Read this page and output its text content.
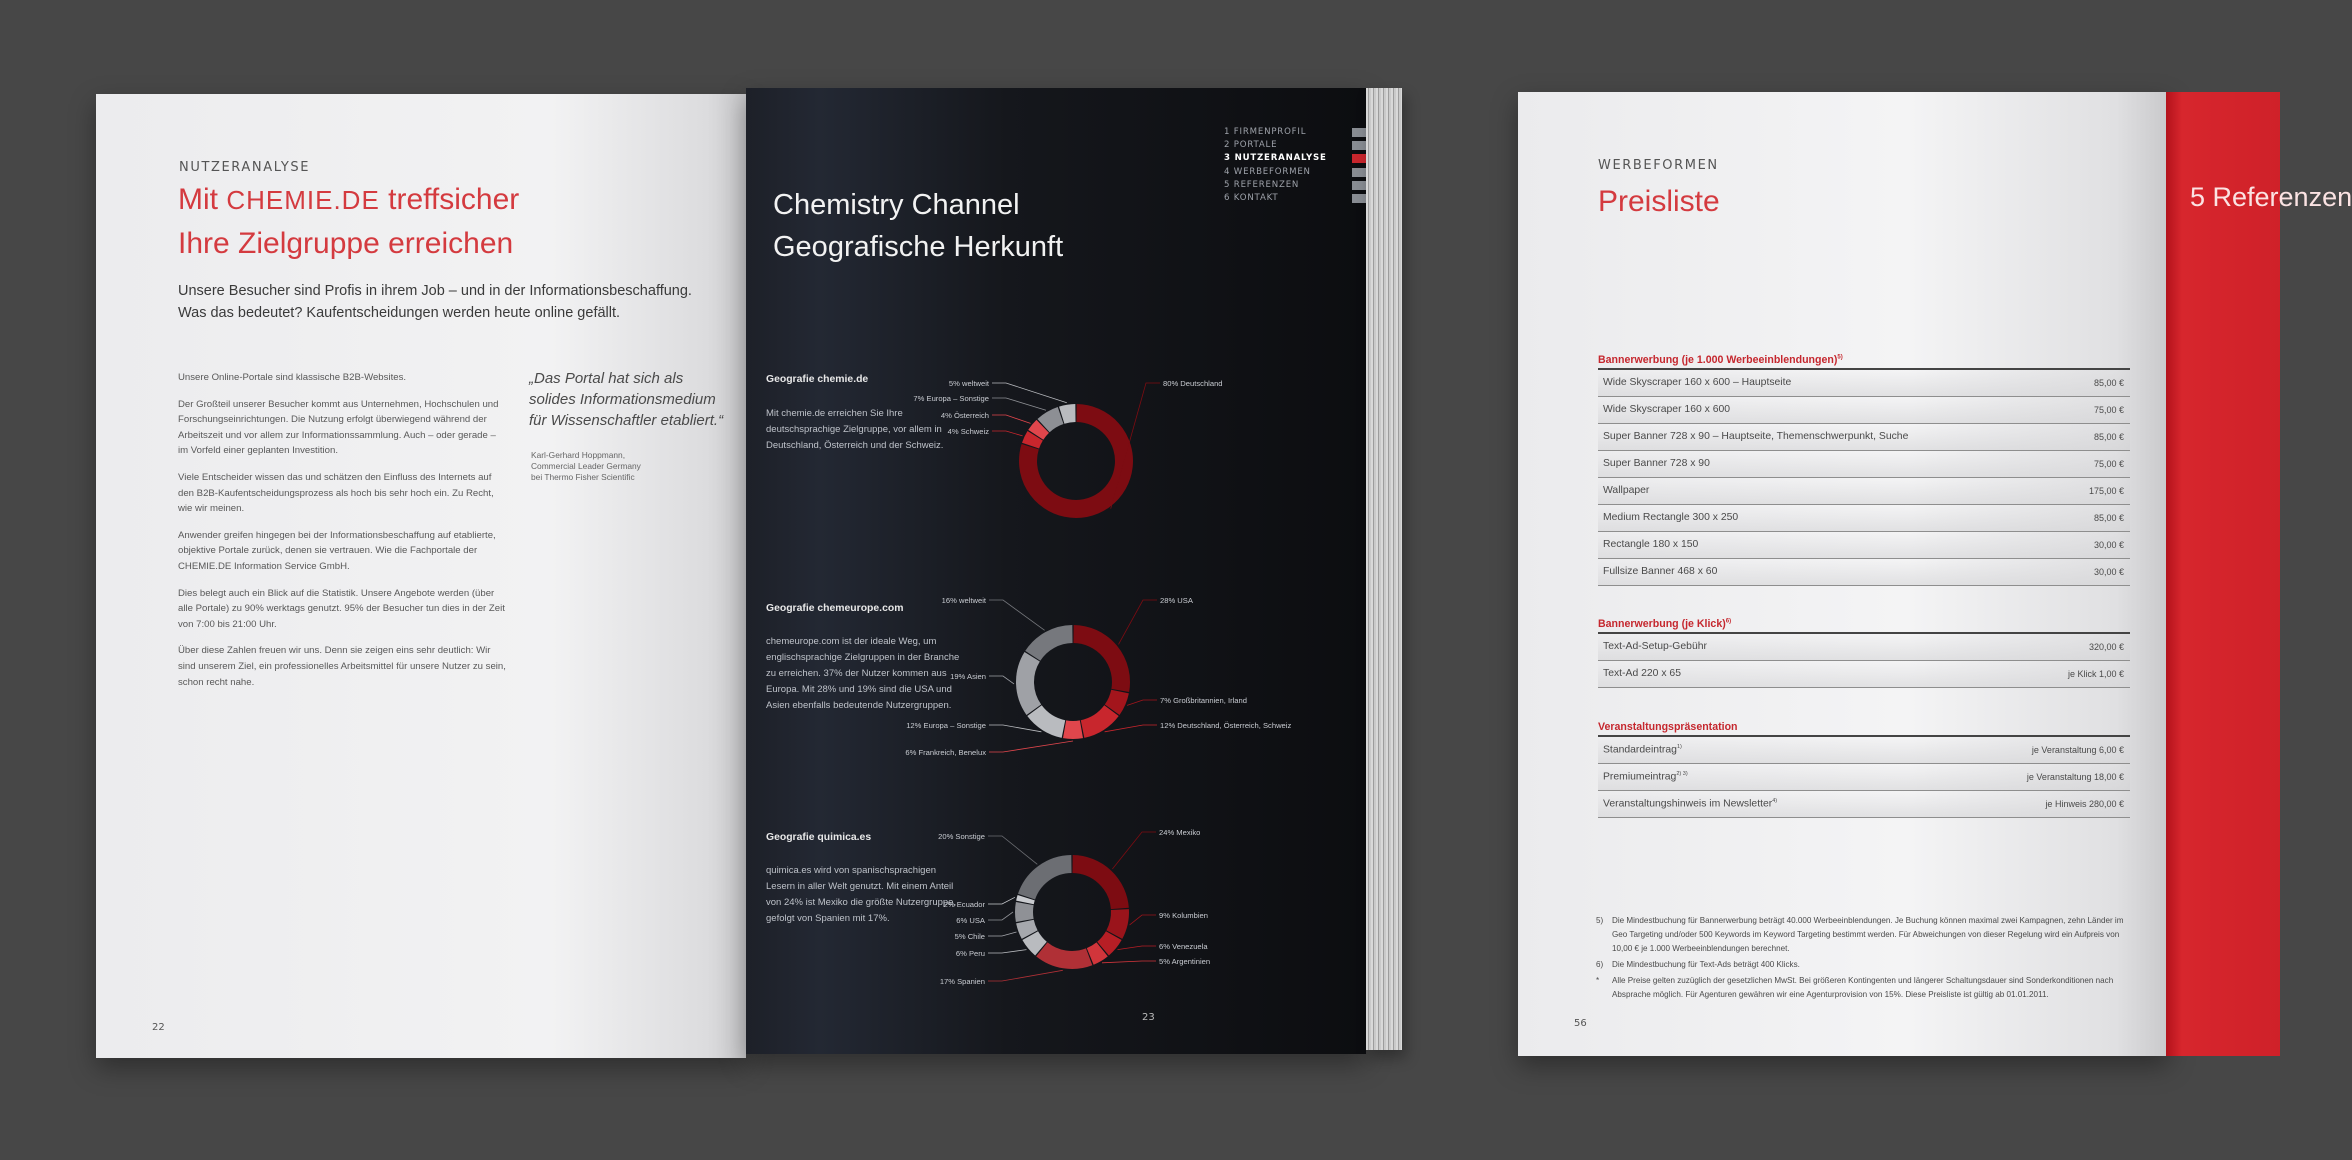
NUTZERANALYSE
Mit CHEMIE.DE treffsicher
Ihre Zielgruppe erreichen
Unsere Besucher sind Profis in ihrem Job – und in der Informationsbeschaffung. Was das bedeutet? Kaufentscheidungen werden heute online gefällt.

Unsere Online-Portale sind klassische B2B-Websites.

Der Großteil unserer Besucher kommt aus Unternehmen, Hochschulen und Forschungseinrichtungen. Die Nutzung erfolgt überwiegend während der Arbeitszeit und vor allem zur Informationssammlung. Auch – oder gerade – im Vorfeld einer geplanten Investition.

Viele Entscheider wissen das und schätzen den Einfluss des Internets auf den B2B-Kaufentscheidungsprozess als hoch bis sehr hoch ein. Zu Recht, wie wir meinen.

Anwender greifen hingegen bei der Informationsbeschaffung auf etablierte, objektive Portale zurück, denen sie vertrauen. Wie die Fachportale der CHEMIE.DE Information Service GmbH.

Dies belegt auch ein Blick auf die Statistik. Unsere Angebote werden (über alle Portale) zu 90% werktags genutzt. 95% der Besucher tun dies in der Zeit von 7:00 bis 21:00 Uhr.

Über diese Zahlen freuen wir uns. Denn sie zeigen eins sehr deutlich: Wir sind unserem Ziel, ein professionelles Arbeitsmittel für unsere Nutzer zu sein, schon recht nahe.

„Das Portal hat sich als solides Informationsmedium für Wissenschaftler etabliert.“
Karl-Gerhard Hoppmann,
Commercial Leader Germany
bei Thermo Fisher Scientific
22
Chemistry Channel
Geografische Herkunft
1 FIRMENPROFIL
2 PORTALE
3 NUTZERANALYSE
4 WERBEFORMEN
5 REFERENZEN
6 KONTAKT
Geografie chemie.de
Mit chemie.de erreichen Sie Ihre deutschsprachige Zielgruppe, vor allem in Deutschland, Österreich und der Schweiz.
Geografie chemeurope.com
chemeurope.com ist der ideale Weg, um englischsprachige Zielgruppen in der Branche zu erreichen. 37% der Nutzer kommen aus Europa. Mit 28% und 19% sind die USA und Asien ebenfalls bedeutende Nutzergruppen.
Geografie quimica.es
quimica.es wird von spanischsprachigen Lesern in aller Welt genutzt. Mit einem Anteil von 24% ist Mexiko die größte Nutzergruppe, gefolgt von Spanien mit 17%.
80% Deutschland
4% Schweiz
4% Österreich
7% Europa – Sonstige
5% weltweit
28% USA
7% Großbritannien, Irland
12% Deutschland, Österreich, Schweiz
6% Frankreich, Benelux
12% Europa – Sonstige
19% Asien
16% weltweit
24% Mexiko
9% Kolumbien
6% Venezuela
5% Argentinien
17% Spanien
6% Peru
5% Chile
6% USA
2% Ecuador
20% Sonstige
23
WERBEFORMEN
Preisliste
Bannerwerbung (je 1.000 Werbeeinblendungen)$^{5)}$
Wide Skyscraper 160 x 600 – Hauptseite	85,00 €
Wide Skyscraper 160 x 600	75,00 €
Super Banner 728 x 90 – Hauptseite, Themenschwerpunkt, Suche	85,00 €
Super Banner 728 x 90	75,00 €
Wallpaper	175,00 €
Medium Rectangle 300 x 250	85,00 €
Rectangle 180 x 150	30,00 €
Fullsize Banner 468 x 60	30,00 €
Bannerwerbung (je Klick)$^{6)}$
Text-Ad-Setup-Gebühr	320,00 €
Text-Ad 220 x 65	je Klick 1,00 €
Veranstaltungspräsentation
Standardeintrag$^{1)}$	je Veranstaltung 6,00 €
Premiumeintrag$^{2) 3)}$	je Veranstaltung 18,00 €
Veranstaltungshinweis im Newsletter$^{4)}$	je Hinweis 280,00 €
5)	Die Mindestbuchung für Bannerwerbung beträgt 40.000 Werbeeinblendungen. Je Buchung können maximal zwei Kampagnen, zehn Länder im Geo Targeting und/oder 500 Keywords im Keyword Targeting bestimmt werden. Für Abweichungen von dieser Regelung wird ein Aufpreis von 10,00 € je 1.000 Werbeeinblendungen berechnet.
6)	Die Mindestbuchung für Text-Ads beträgt 400 Klicks.
*	Alle Preise gelten zuzüglich der gesetzlichen MwSt. Bei größeren Kontingenten und längerer Schaltungsdauer sind Sonderkonditionen nach Absprache möglich. Für Agenturen gewähren wir eine Agenturprovision von 15%. Diese Preisliste ist gültig ab 01.01.2011.
56
5 Referenzen
